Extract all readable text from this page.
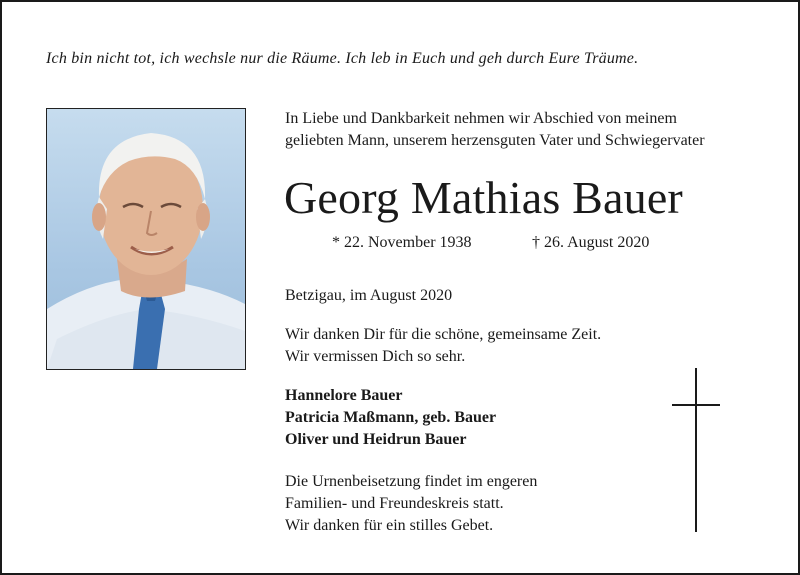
Ich bin nicht tot, ich wechsle nur die Räume. Ich leb in Euch und geh durch Eure Träume.
In Liebe und Dankbarkeit nehmen wir Abschied von meinem
geliebten Mann, unserem herzensguten Vater und Schwiegervater
Georg Mathias Bauer
* 22. November 1938	† 26. August 2020
Betzigau, im August 2020
Wir danken Dir für die schöne, gemeinsame Zeit.
Wir vermissen Dich so sehr.
Hannelore Bauer
Patricia Maßmann, geb. Bauer
Oliver und Heidrun Bauer
Die Urnenbeisetzung findet im engeren
Familien- und Freundeskreis statt.
Wir danken für ein stilles Gebet.
